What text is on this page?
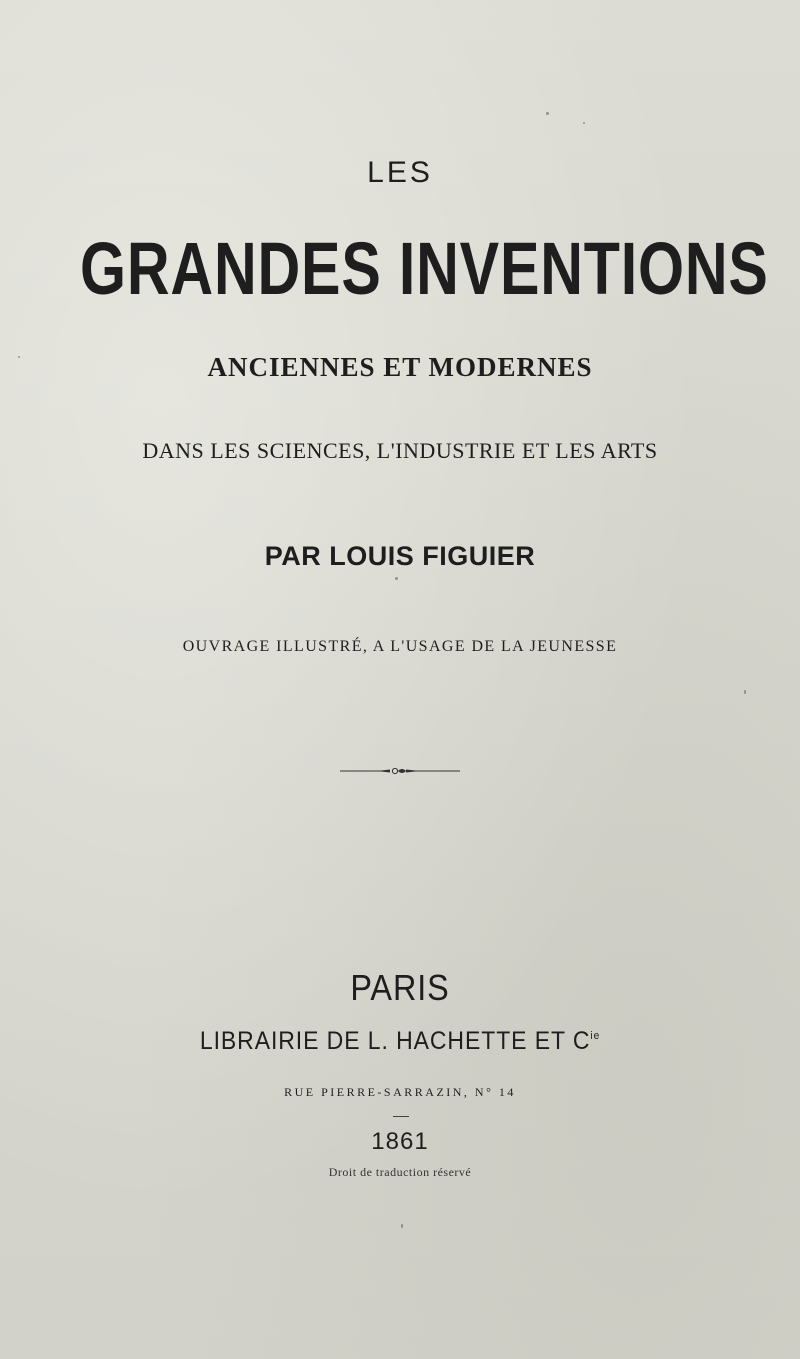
LES
GRANDES INVENTIONS
ANCIENNES ET MODERNES
DANS LES SCIENCES, L'INDUSTRIE ET LES ARTS
PAR LOUIS FIGUIER
OUVRAGE ILLUSTRÉ, A L'USAGE DE LA JEUNESSE
PARIS
LIBRAIRIE DE L. HACHETTE ET $C^{ie}$
RUE PIERRE-SARRAZIN, N° 14
1861
Droit de traduction réservé
